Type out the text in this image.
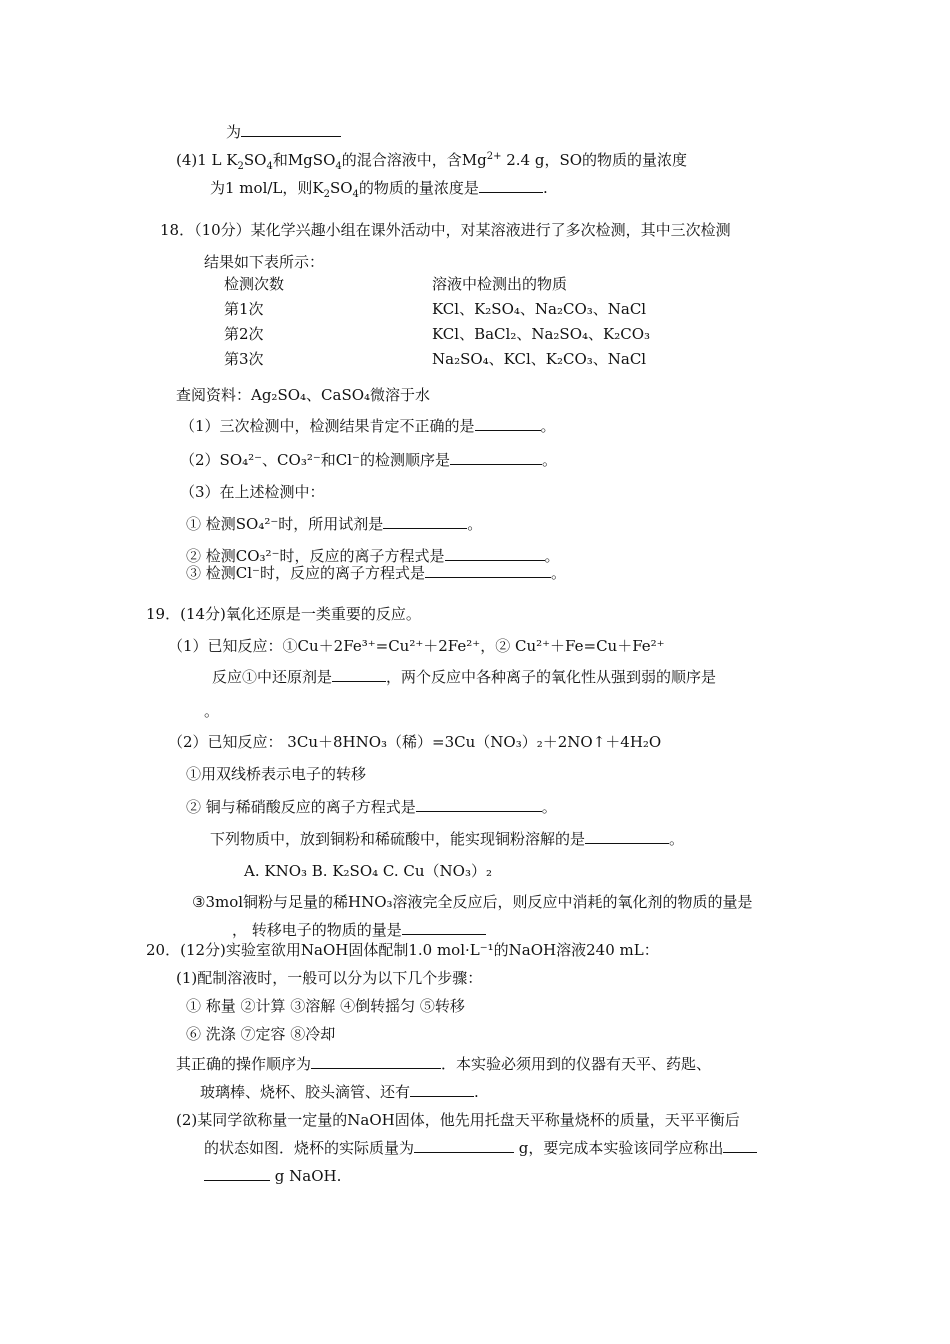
为
(4)1 L $K_2SO_4$和MgSO$_4$的混合溶液中，含$Mg^{2+}$ 2.4 g，SO的物质的量浓度
为1 mol/L，则$K_2SO_4$的物质的量浓度是	.
18．（10分）某化学兴趣小组在课外活动中，对某溶液进行了多次检测，其中三次检测
结果如下表所示：
检测次数	溶液中检测出的物质
第1次	KCl、K₂SO₄、Na₂CO₃、NaCl
第2次	KCl、BaCl₂、Na₂SO₄、K₂CO₃
第3次	Na₂SO₄、KCl、K₂CO₃、NaCl
查阅资料：Ag₂SO₄、CaSO₄微溶于水
（1）三次检测中，检测结果肯定不正确的是	。
（2）SO₄²⁻、CO₃²⁻和Cl⁻的检测顺序是	。
（3）在上述检测中：
① 检测SO₄²⁻时，所用试剂是	。
② 检测CO₃²⁻时，反应的离子方程式是	。
③ 检测Cl⁻时，反应的离子方程式是	。
19．(14分)氧化还原是一类重要的反应。
（1）已知反应：①Cu＋2Fe³⁺=Cu²⁺＋2Fe²⁺，② Cu²⁺＋Fe=Cu＋Fe²⁺
反应①中还原剂是	，两个反应中各种离子的氧化性从强到弱的顺序是
。
（2）已知反应： 3Cu＋8HNO₃（稀）=3Cu（NO₃）₂＋2NO↑＋4H₂O
①用双线桥表示电子的转移
② 铜与稀硝酸反应的离子方程式是	。
下列物质中，放到铜粉和稀硫酸中，能实现铜粉溶解的是	。
A. KNO₃ B. K₂SO₄ C. Cu（NO₃）₂
③3mol铜粉与足量的稀HNO₃溶液完全反应后，则反应中消耗的氧化剂的物质的量是
， 转移电子的物质的量是
20．(12分)实验室欲用NaOH固体配制1.0 mol·L⁻¹的NaOH溶液240 mL：
(1)配制溶液时，一般可以分为以下几个步骤：
① 称量 ②计算 ③溶解 ④倒转摇匀 ⑤转移
⑥ 洗涤 ⑦定容 ⑧冷却
其正确的操作顺序为	．本实验必须用到的仪器有天平、药匙、
玻璃棒、烧杯、胶头滴管、还有	.
(2)某同学欲称量一定量的NaOH固体，他先用托盘天平称量烧杯的质量，天平平衡后
的状态如图．烧杯的实际质量为	g，要完成本实验该同学应称出
g NaOH.
